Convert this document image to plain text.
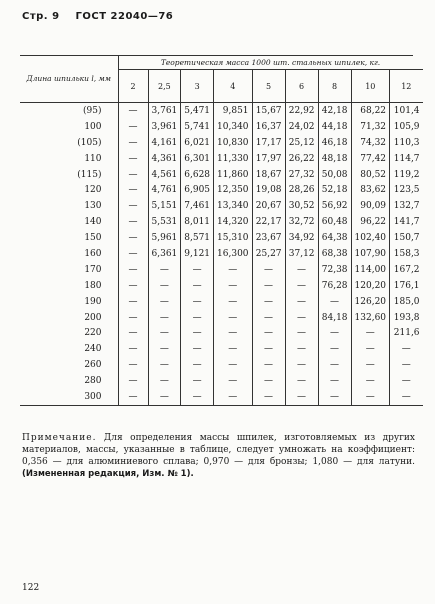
Стр. 9 ГОСТ 22040—76
Длина шпильки l, мм	Теоретическая масса 1000 шт. стальных шпилек, кг.								
	2	2,5	3	4	5	6	8	10	12
(95)	—	3,761	5,471	9,851	15,67	22,92	42,18	68,22	101,4
100	—	3,961	5,741	10,340	16,37	24,02	44,18	71,32	105,9
(105)	—	4,161	6,021	10,830	17,17	25,12	46,18	74,32	110,3
110	—	4,361	6,301	11,330	17,97	26,22	48,18	77,42	114,7
(115)	—	4,561	6,628	11,860	18,67	27,32	50,08	80,52	119,2
120	—	4,761	6,905	12,350	19,08	28,26	52,18	83,62	123,5
130	—	5,151	7,461	13,340	20,67	30,52	56,92	90,09	132,7
140	—	5,531	8,011	14,320	22,17	32,72	60,48	96,22	141,7
150	—	5,961	8,571	15,310	23,67	34,92	64,38	102,40	150,7
160	—	6,361	9,121	16,300	25,27	37,12	68,38	107,90	158,3
170	—	—	—	—	—	—	72,38	114,00	167,2
180	—	—	—	—	—	—	76,28	120,20	176,1
190	—	—	—	—	—	—	—	126,20	185,0
200	—	—	—	—	—	—	84,18	132,60	193,8
220	—	—	—	—	—	—	—	—	211,6
240	—	—	—	—	—	—	—	—	—
260	—	—	—	—	—	—	—	—	—
280	—	—	—	—	—	—	—	—	—
300	—	—	—	—	—	—	—	—	—
Примечание. Для определения массы шпилек, изготовляемых из других материалов, массы, указанные в таблице, следует умножать на коэффициент: 0,356 — для алюминиевого сплава; 0,970 — для бронзы; 1,080 — для латуни. (Измененная редакция, Изм. № 1).
122
